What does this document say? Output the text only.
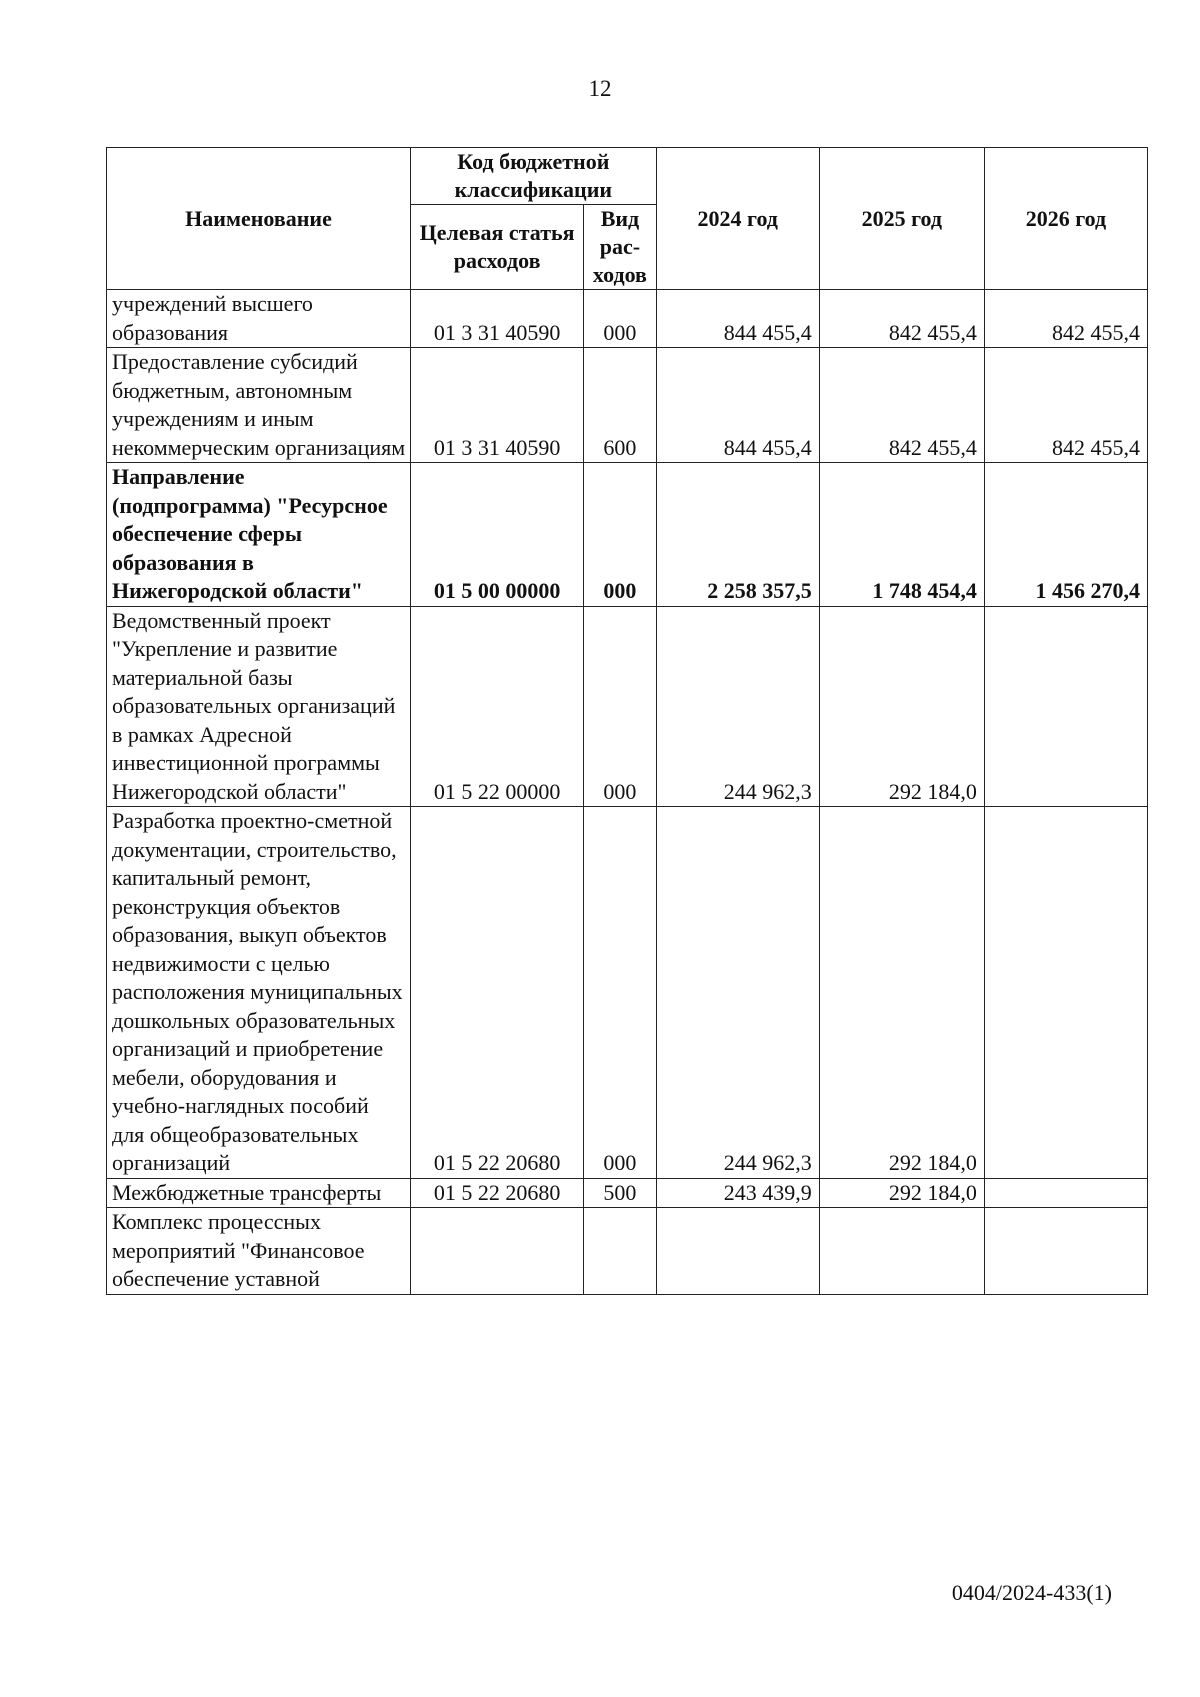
12
Наименование	Код бюджетной классификации		2024 год	2025 год	2026 год
	Целевая статья расходов	Вид рас-ходов			
учреждений высшего образования	01 3 31 40590	000	844 455,4	842 455,4	842 455,4
Предоставление субсидий бюджетным, автономным учреждениям и иным некоммерческим организациям	01 3 31 40590	600	844 455,4	842 455,4	842 455,4
Направление (подпрограмма) "Ресурсное обеспечение сферы образования в Нижегородской области"	01 5 00 00000	000	2 258 357,5	1 748 454,4	1 456 270,4
Ведомственный проект "Укрепление и развитие материальной базы образовательных организаций в рамках Адресной инвестиционной программы Нижегородской области"	01 5 22 00000	000	244 962,3	292 184,0	
Разработка проектно-сметной документации, строительство, капитальный ремонт, реконструкция объектов образования, выкуп объектов недвижимости с целью расположения муниципальных дошкольных образовательных организаций и приобретение мебели, оборудования и учебно-наглядных пособий для общеобразовательных организаций	01 5 22 20680	000	244 962,3	292 184,0	
Межбюджетные трансферты	01 5 22 20680	500	243 439,9	292 184,0	
Комплекс процессных мероприятий "Финансовое обеспечение уставной					
0404/2024-433(1)
